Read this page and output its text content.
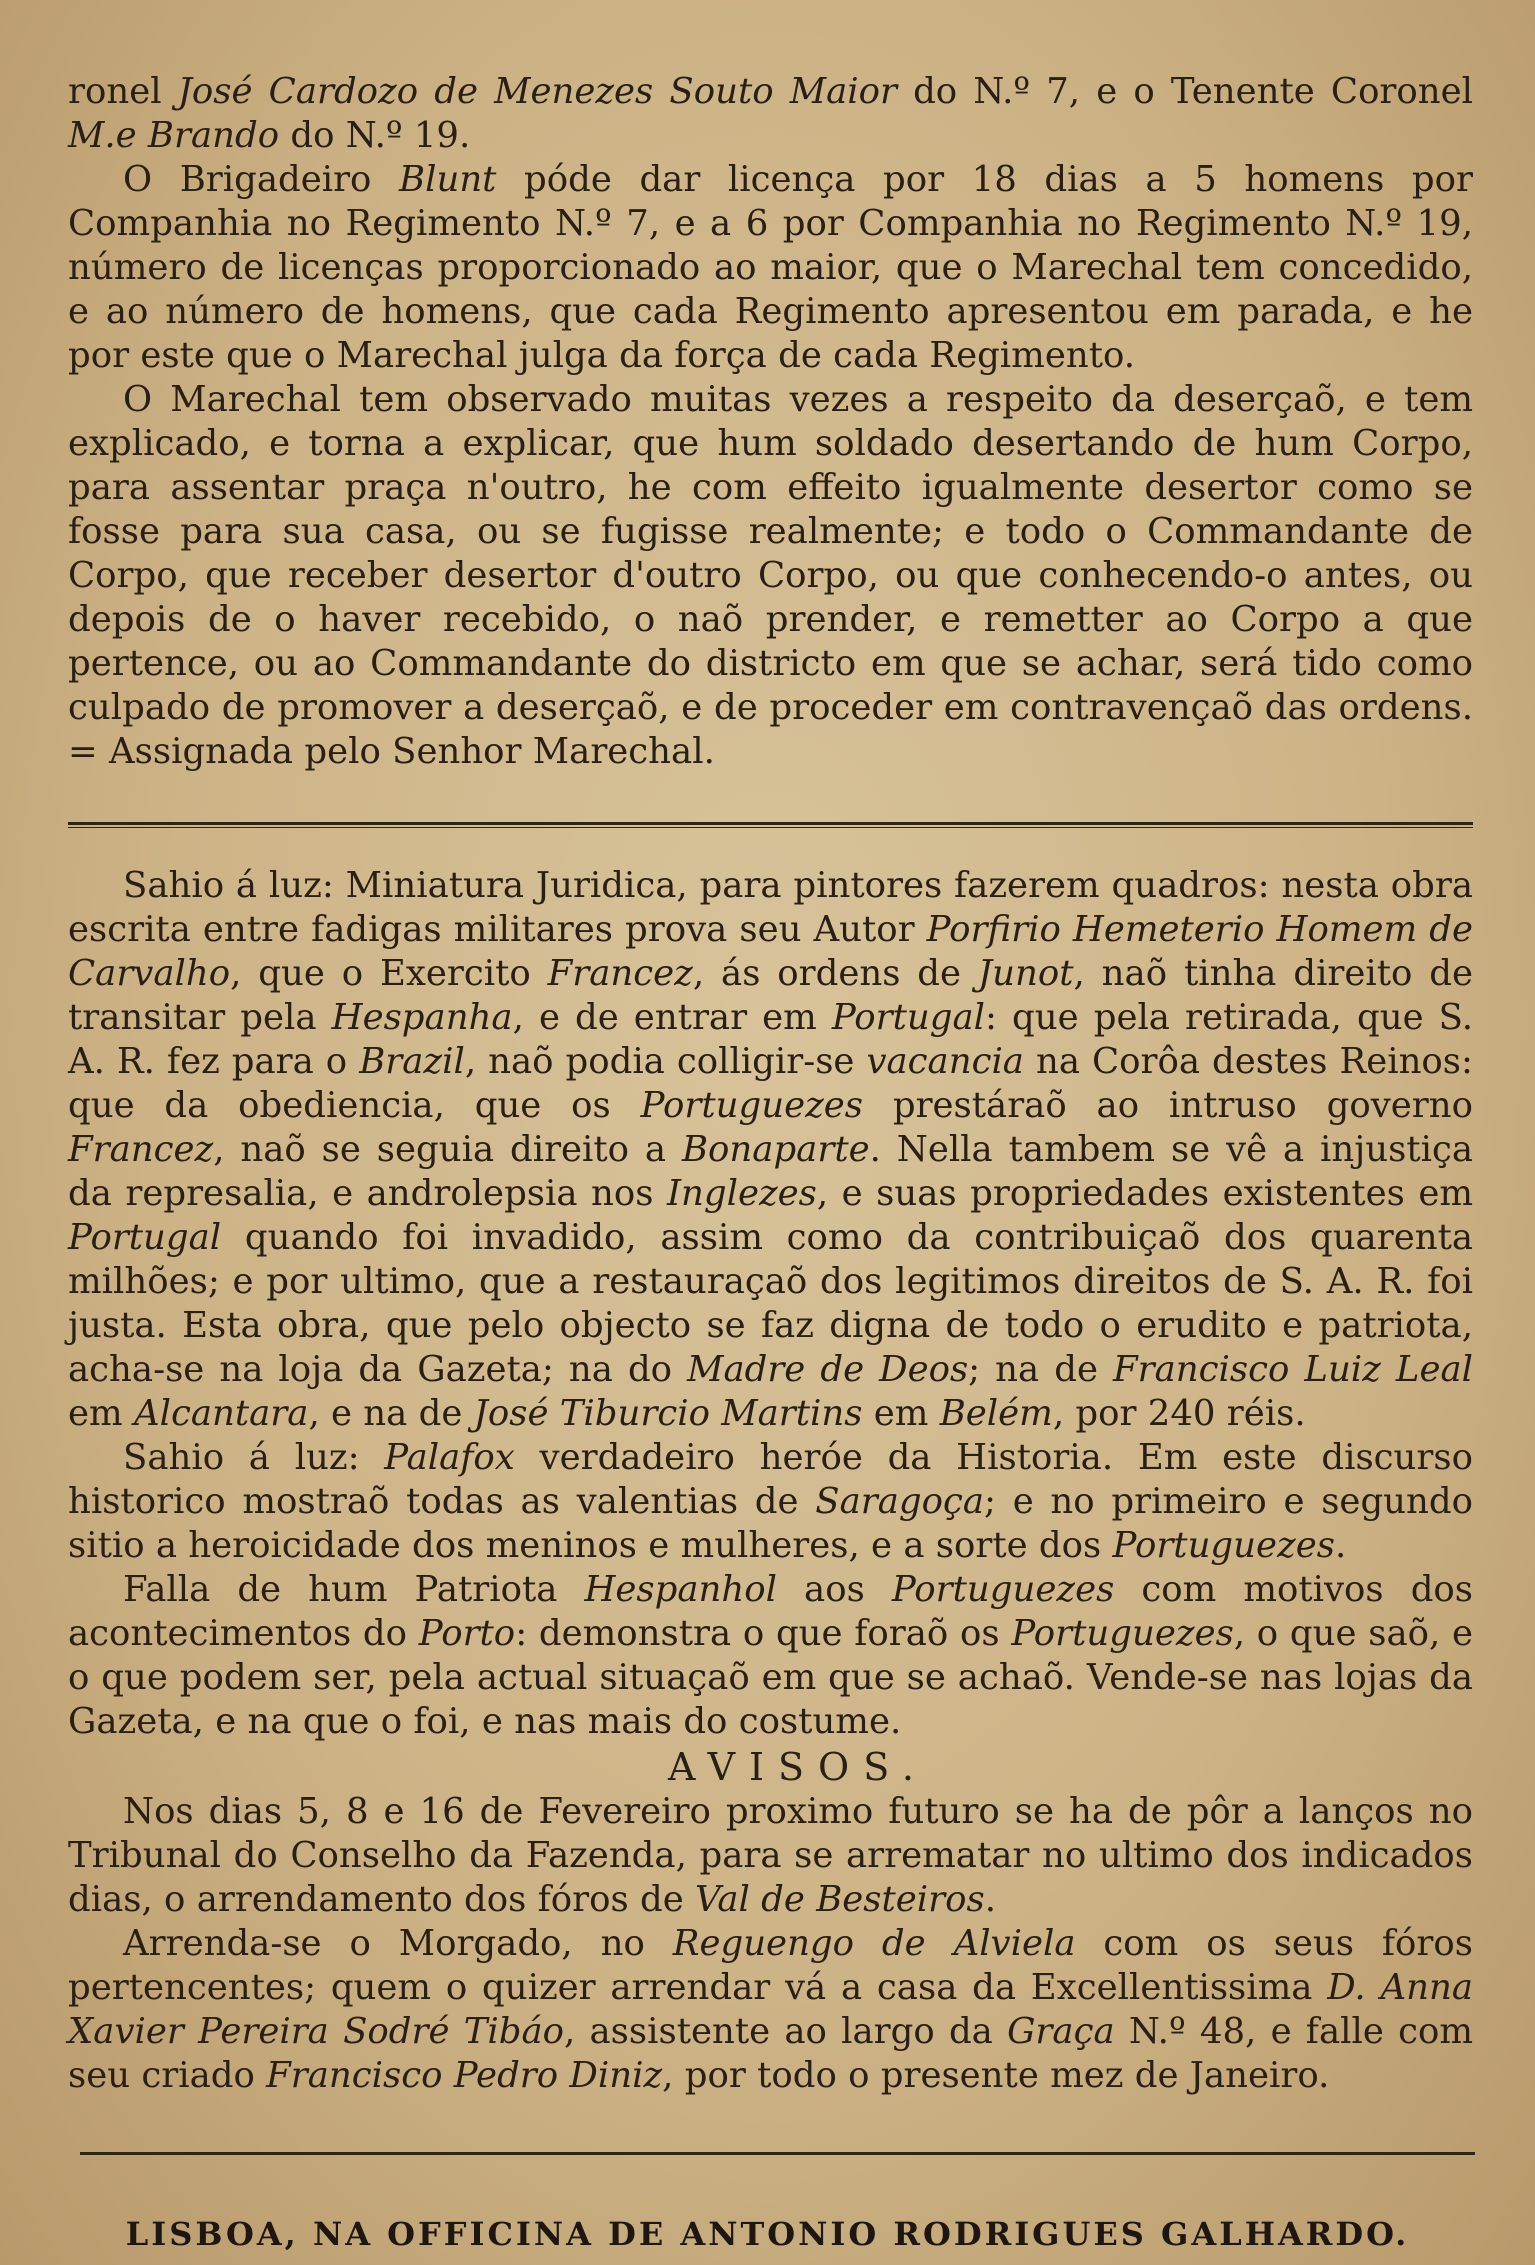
ronel José Cardozo de Menezes Souto Maior do N.º 7, e o Tenente Coronel M.e Brando do N.º 19.

O Brigadeiro Blunt póde dar licença por 18 dias a 5 homens por Companhia no Regimento N.º 7, e a 6 por Companhia no Regimento N.º 19, número de licenças proporcionado ao maior, que o Marechal tem concedido, e ao número de homens, que cada Regimento apresentou em parada, e he por este que o Marechal julga da força de cada Regimento.

O Marechal tem observado muitas vezes a respeito da deserçaõ, e tem explicado, e torna a explicar, que hum soldado desertando de hum Corpo, para assentar praça n'outro, he com effeito igualmente desertor como se fosse para sua casa, ou se fugisse realmente; e todo o Commandante de Corpo, que receber desertor d'outro Corpo, ou que conhecendo-o antes, ou depois de o haver recebido, o naõ prender, e remetter ao Corpo a que pertence, ou ao Commandante do districto em que se achar, será tido como culpado de promover a deserçaõ, e de proceder em contravençaõ das ordens. = Assignada pelo Senhor Marechal.

Sahio á luz: Miniatura Juridica, para pintores fazerem quadros: nesta obra escrita entre fadigas militares prova seu Autor Porfirio Hemeterio Homem de Carvalho, que o Exercito Francez, ás ordens de Junot, naõ tinha direito de transitar pela Hespanha, e de entrar em Portugal: que pela retirada, que S. A. R. fez para o Brazil, naõ podia colligir-se vacancia na Corôa destes Reinos: que da obediencia, que os Portuguezes prestáraõ ao intruso governo Francez, naõ se seguia direito a Bonaparte. Nella tambem se vê a injustiça da represalia, e androlepsia nos Inglezes, e suas propriedades existentes em Portugal quando foi invadido, assim como da contribuiçaõ dos quarenta milhões; e por ultimo, que a restauraçaõ dos legitimos direitos de S. A. R. foi justa. Esta obra, que pelo objecto se faz digna de todo o erudito e patriota, acha-se na loja da Gazeta; na do Madre de Deos; na de Francisco Luiz Leal em Alcantara, e na de José Tiburcio Martins em Belém, por 240 réis.

Sahio á luz: Palafox verdadeiro heróe da Historia. Em este discurso historico mostraõ todas as valentias de Saragoça; e no primeiro e segundo sitio a heroicidade dos meninos e mulheres, e a sorte dos Portuguezes.

Falla de hum Patriota Hespanhol aos Portuguezes com motivos dos acontecimentos do Porto: demonstra o que foraõ os Portuguezes, o que saõ, e o que podem ser, pela actual situaçaõ em que se achaõ. Vende-se nas lojas da Gazeta, e na que o foi, e nas mais do costume.

AVISOS.

Nos dias 5, 8 e 16 de Fevereiro proximo futuro se ha de pôr a lanços no Tribunal do Conselho da Fazenda, para se arrematar no ultimo dos indicados dias, o arrendamento dos fóros de Val de Besteiros.

Arrenda-se o Morgado, no Reguengo de Alviela com os seus fóros pertencentes; quem o quizer arrendar vá a casa da Excellentissima D. Anna Xavier Pereira Sodré Tibáo, assistente ao largo da Graça N.º 48, e falle com seu criado Francisco Pedro Diniz, por todo o presente mez de Janeiro.

LISBOA, NA OFFICINA DE ANTONIO RODRIGUES GALHARDO.
